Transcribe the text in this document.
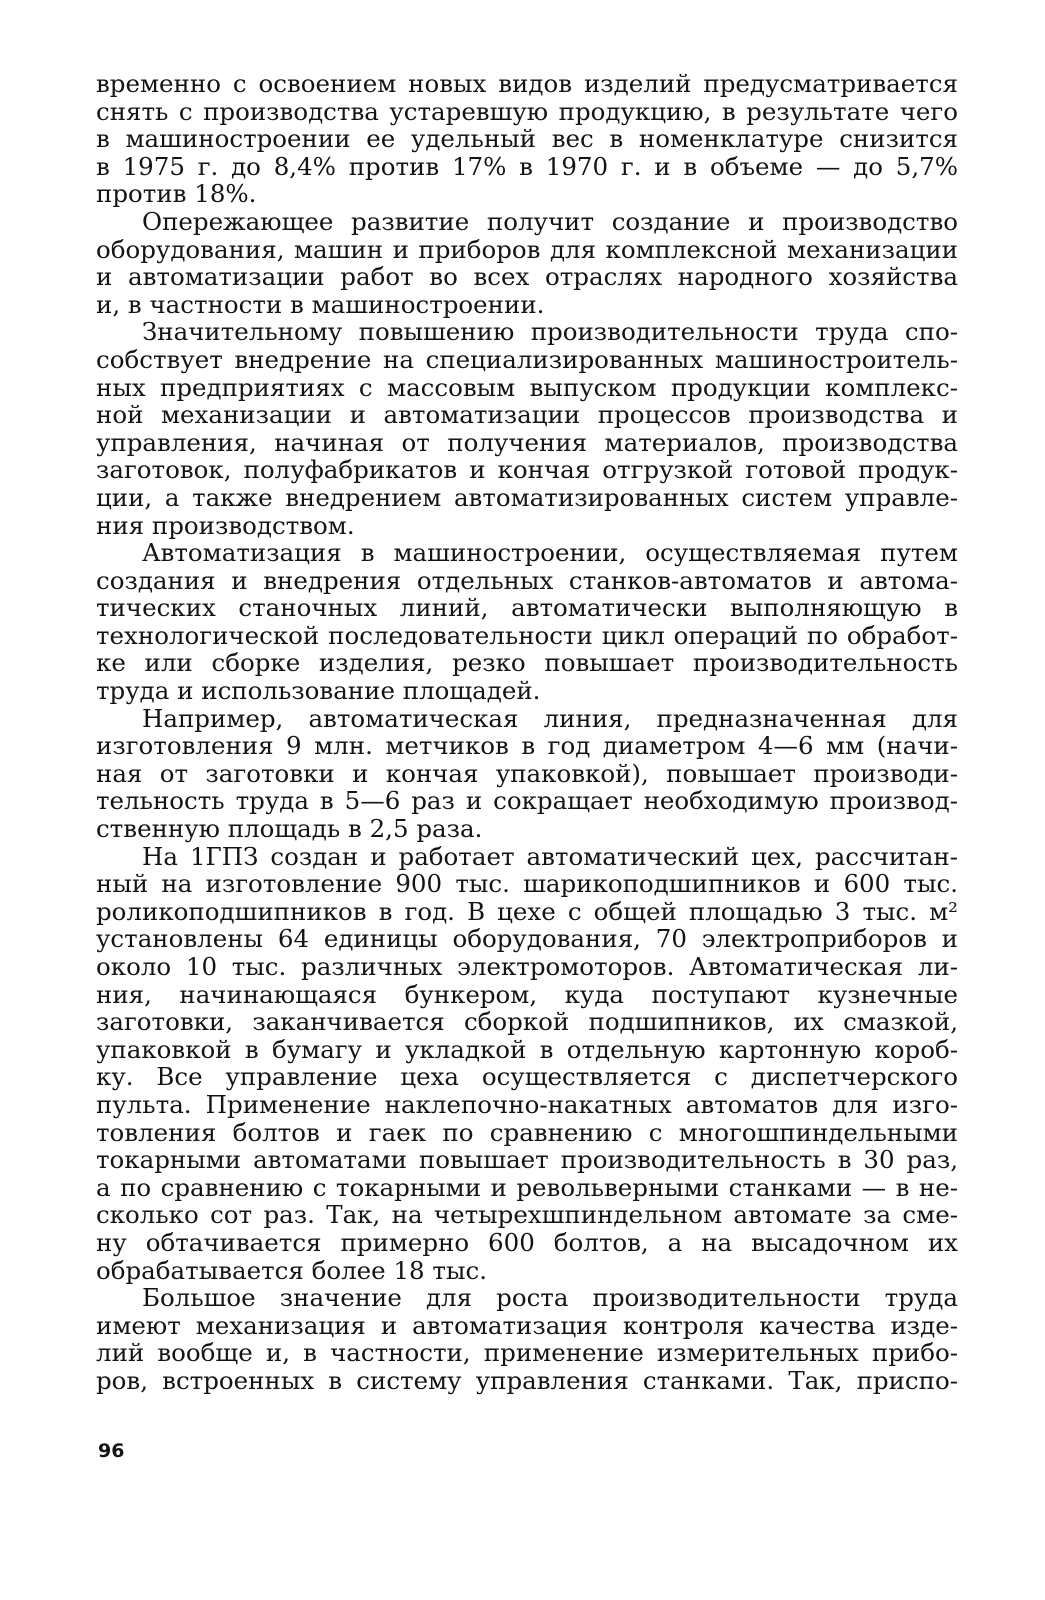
временно с освоением новых видов изделий предусматривается
снять с производства устаревшую продукцию, в результате чего
в машиностроении ее удельный вес в номенклатуре снизится
в 1975 г. до 8,4% против 17% в 1970 г. и в объеме — до 5,7%
против 18%.

Опережающее развитие получит создание и производство
оборудования, машин и приборов для комплексной механизации
и автоматизации работ во всех отраслях народного хозяйства
и, в частности в машиностроении.

Значительному повышению производительности труда спо-
собствует внедрение на специализированных машиностроитель-
ных предприятиях с массовым выпуском продукции комплекс-
ной механизации и автоматизации процессов производства и
управления, начиная от получения материалов, производства
заготовок, полуфабрикатов и кончая отгрузкой готовой продук-
ции, а также внедрением автоматизированных систем управле-
ния производством.

Автоматизация в машиностроении, осуществляемая путем
создания и внедрения отдельных станков-автоматов и автома-
тических станочных линий, автоматически выполняющую в
технологической последовательности цикл операций по обработ-
ке или сборке изделия, резко повышает производительность
труда и использование площадей.

Например, автоматическая линия, предназначенная для
изготовления 9 млн. метчиков в год диаметром 4—6 мм (начи-
ная от заготовки и кончая упаковкой), повышает производи-
тельность труда в 5—6 раз и сокращает необходимую производ-
ственную площадь в 2,5 раза.

На 1ГПЗ создан и работает автоматический цех, рассчитан-
ный на изготовление 900 тыс. шарикоподшипников и 600 тыс.
роликоподшипников в год. В цехе с общей площадью 3 тыс. м²
установлены 64 единицы оборудования, 70 электроприборов и
около 10 тыс. различных электромоторов. Автоматическая ли-
ния, начинающаяся бункером, куда поступают кузнечные
заготовки, заканчивается сборкой подшипников, их смазкой,
упаковкой в бумагу и укладкой в отдельную картонную короб-
ку. Все управление цеха осуществляется с диспетчерского
пульта. Применение наклепочно-накатных автоматов для изго-
товления болтов и гаек по сравнению с многошпиндельными
токарными автоматами повышает производительность в 30 раз,
а по сравнению с токарными и револьверными станками — в не-
сколько сот раз. Так, на четырехшпиндельном автомате за сме-
ну обтачивается примерно 600 болтов, а на высадочном их
обрабатывается более 18 тыс.

Большое значение для роста производительности труда
имеют механизация и автоматизация контроля качества изде-
лий вообще и, в частности, применение измерительных прибо-
ров, встроенных в систему управления станками. Так, приспо-

96
